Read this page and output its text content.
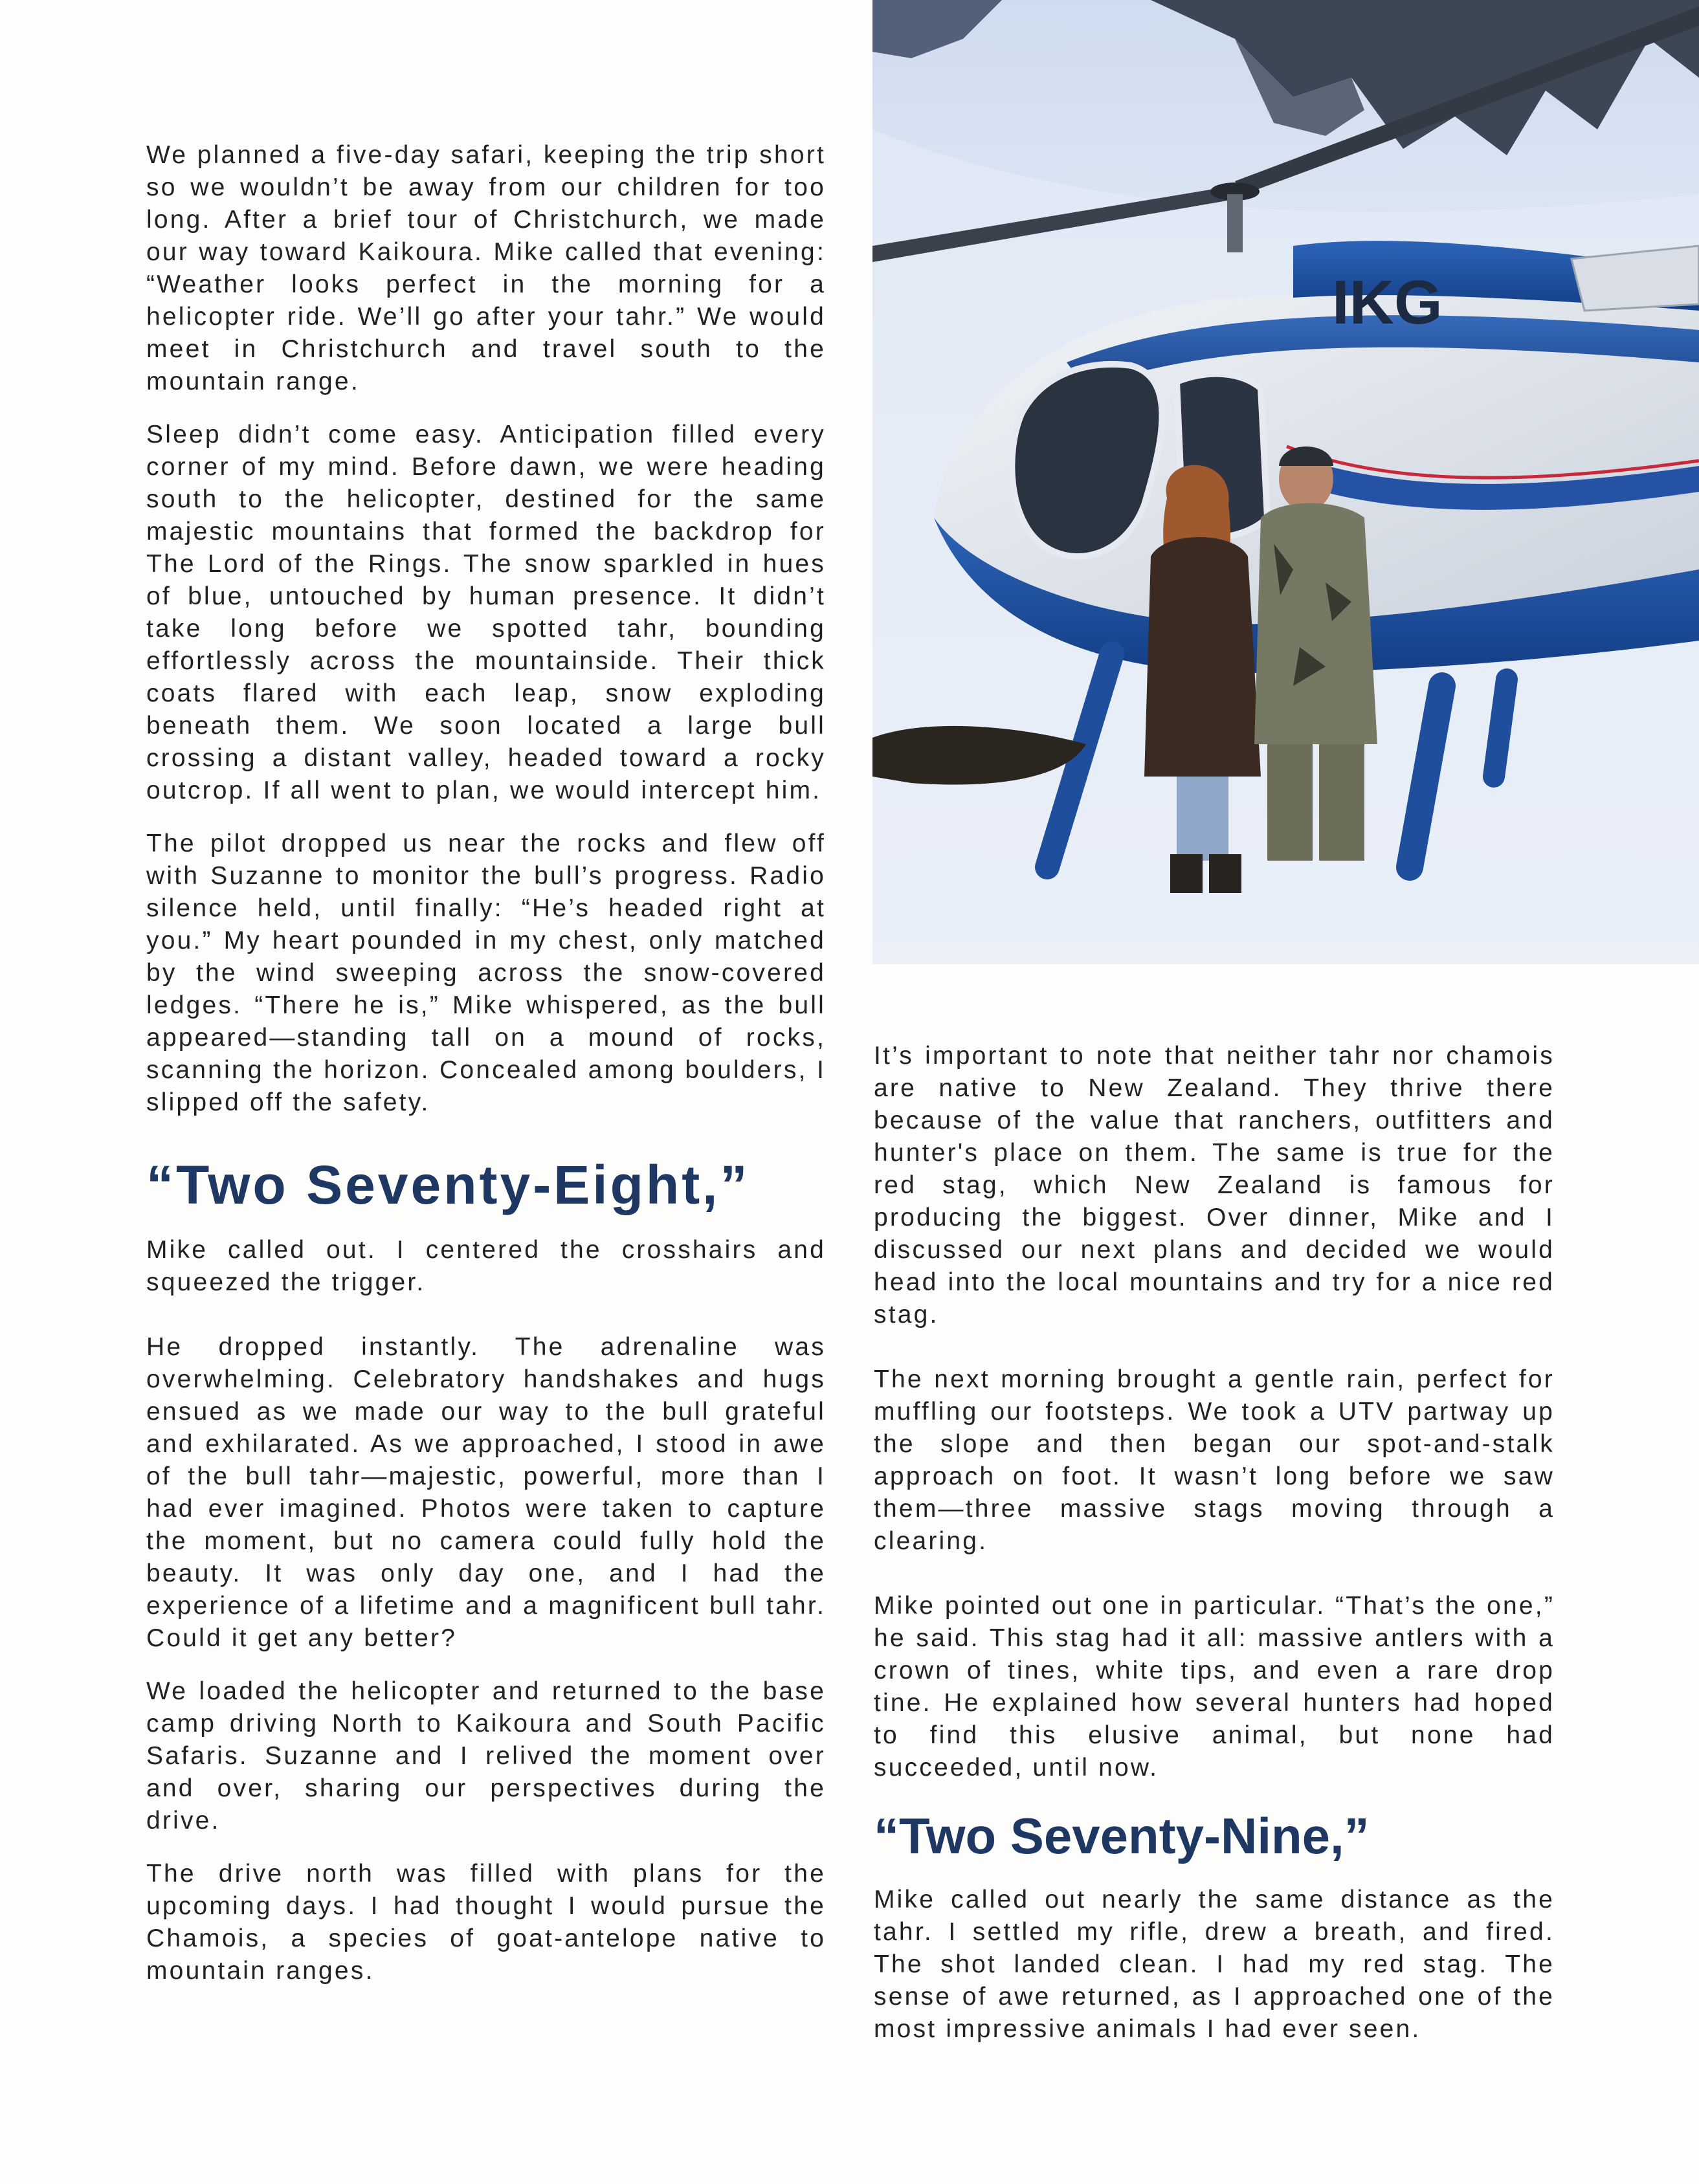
IKG

We planned a five-day safari, keeping the trip short so we wouldn’t be away from our children for too long. After a brief tour of Christchurch, we made our way toward Kaikoura. Mike called that evening: “Weather looks perfect in the morning for a helicopter ride. We’ll go after your tahr.” We would meet in Christchurch and travel south to the mountain range.

Sleep didn’t come easy. Anticipation filled every corner of my mind. Before dawn, we were heading south to the helicopter, destined for the same majestic mountains that formed the backdrop for The Lord of the Rings. The snow sparkled in hues of blue, untouched by human presence. It didn’t take long before we spotted tahr, bounding effortlessly across the mountainside. Their thick coats flared with each leap, snow exploding beneath them. We soon located a large bull crossing a distant valley, headed toward a rocky outcrop. If all went to plan, we would intercept him.

The pilot dropped us near the rocks and flew off with Suzanne to monitor the bull’s progress. Radio silence held, until finally: “He’s headed right at you.” My heart pounded in my chest, only matched by the wind sweeping across the snow-covered ledges. “There he is,” Mike whispered, as the bull appeared—standing tall on a mound of rocks, scanning the horizon. Concealed among boulders, I slipped off the safety.

“Two Seventy-Eight,”

Mike called out. I centered the crosshairs and squeezed the trigger.

He dropped instantly. The adrenaline was overwhelming. Celebratory handshakes and hugs ensued as we made our way to the bull grateful and exhilarated. As we approached, I stood in awe of the bull tahr—majestic, powerful, more than I had ever imagined. Photos were taken to capture the moment, but no camera could fully hold the beauty. It was only day one, and I had the experience of a lifetime and a magnificent bull tahr. Could it get any better?

We loaded the helicopter and returned to the base camp driving North to Kaikoura and South Pacific Safaris. Suzanne and I relived the moment over and over, sharing our perspectives during the drive.

The drive north was filled with plans for the upcoming days. I had thought I would pursue the Chamois, a species of goat-antelope native to mountain ranges.

It’s important to note that neither tahr nor chamois are native to New Zealand. They thrive there because of the value that ranchers, outfitters and hunter's place on them. The same is true for the red stag, which New Zealand is famous for producing the biggest. Over dinner, Mike and I discussed our next plans and decided we would head into the local mountains and try for a nice red stag.

The next morning brought a gentle rain, perfect for muffling our footsteps. We took a UTV partway up the slope and then began our spot-and-stalk approach on foot. It wasn’t long before we saw them—three massive stags moving through a clearing.

Mike pointed out one in particular. “That’s the one,” he said. This stag had it all: massive antlers with a crown of tines, white tips, and even a rare drop tine. He explained how several hunters had hoped to find this elusive animal, but none had succeeded, until now.

“Two Seventy-Nine,”

Mike called out nearly the same distance as the tahr. I settled my rifle, drew a breath, and fired. The shot landed clean. I had my red stag. The sense of awe returned, as I approached one of the most impressive animals I had ever seen.
